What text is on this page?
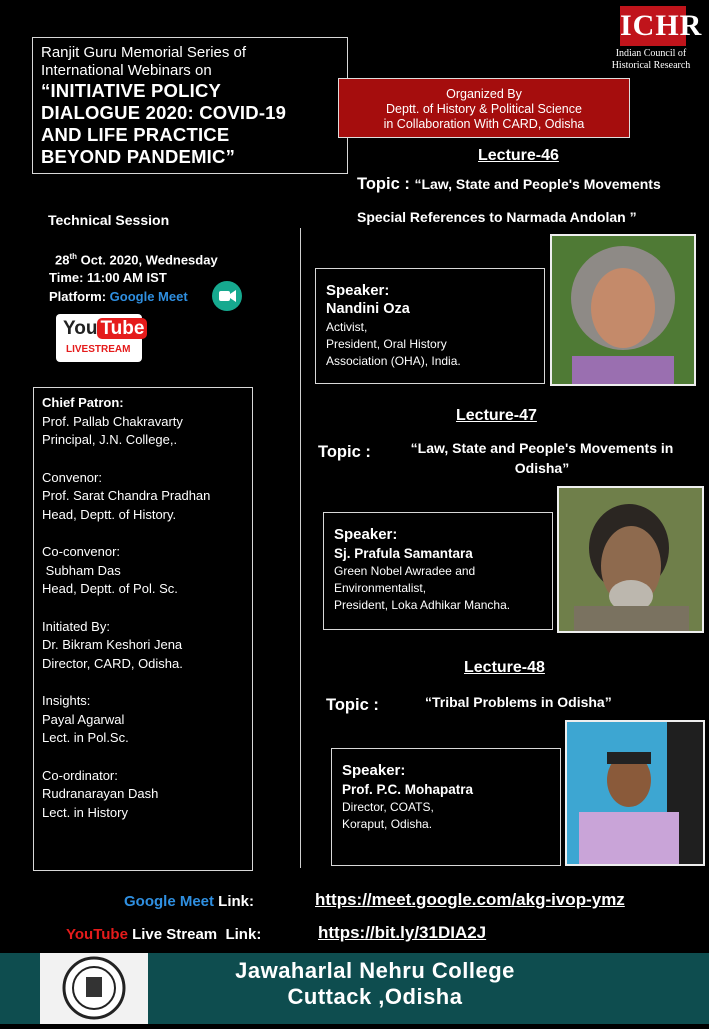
Ranjit Guru Memorial Series of
International Webinars on
“INITIATIVE POLICY
DIALOGUE 2020: COVID-19
AND LIFE PRACTICE
BEYOND PANDEMIC”
ICHR
Indian Council of
Historical Research
Organized By
Deptt. of History & Political Science
in Collaboration With CARD, Odisha
Technical Session
28th Oct. 2020, Wednesday
Time: 11:00 AM IST
Platform: Google Meet
You Tube
LIVESTREAM
Chief Patron:
Prof. Pallab Chakravarty
Principal, J.N. College,.
Convenor:
Prof. Sarat Chandra Pradhan
Head, Deptt. of History.
Co-convenor:
Subham Das
Head, Deptt. of Pol. Sc.
Initiated By:
Dr. Bikram Keshori Jena
Director, CARD, Odisha.
Insights:
Payal Agarwal
Lect. in Pol.Sc.
Co-ordinator:
Rudranarayan Dash
Lect. in History
Lecture-46
Topic : “Law, State and People's Movements
Special References to Narmada Andolan ”
Speaker:
Nandini Oza
Activist,
President, Oral History
Association (OHA), India.
Lecture-47
Topic :	“Law, State and People's Movements in
Odisha”
Speaker:
Sj. Prafula Samantara
Green Nobel Awradee and
Environmentalist,
President, Loka Adhikar Mancha.
Lecture-48
Topic :	“Tribal Problems in Odisha”
Speaker:
Prof. P.C. Mohapatra
Director, COATS,
Koraput, Odisha.
Google Meet Link:	https://meet.google.com/akg-ivop-ymz
YouTube Live Stream  Link:	https://bit.ly/31DIA2J
Jawaharlal Nehru College
Cuttack ,Odisha
